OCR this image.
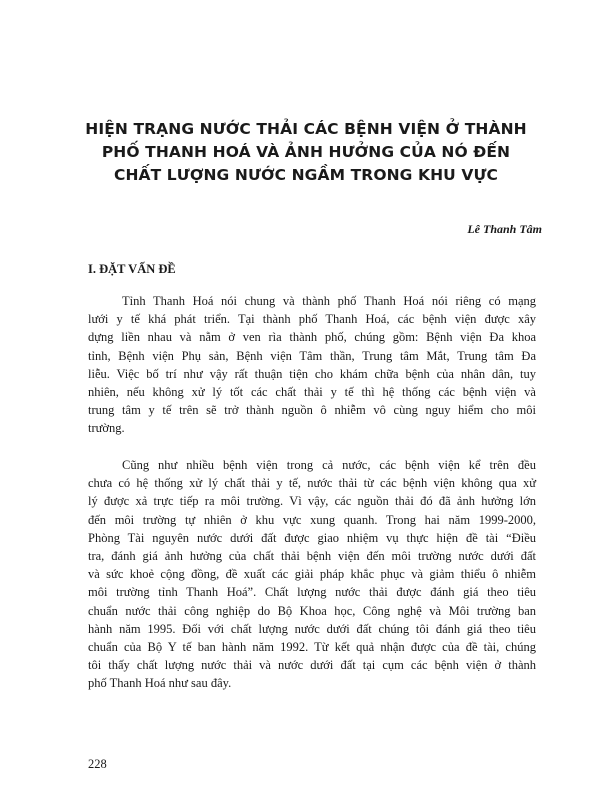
HIỆN TRẠNG NƯỚC THẢI CÁC BỆNH VIỆN Ở THÀNH
PHỐ THANH HOÁ VÀ ẢNH HƯỞNG CỦA NÓ ĐẾN
CHẤT LƯỢNG NƯỚC NGẦM TRONG KHU VỰC
Lê Thanh Tâm
I. ĐẶT VẤN ĐỀ
Tỉnh Thanh Hoá nói chung và thành phố Thanh Hoá nói riêng có mạng
lưới y tế khá phát triển. Tại thành phố Thanh Hoá, các bệnh viện được xây
dựng liền nhau và nằm ở ven rìa thành phố, chúng gồm: Bệnh viện Đa khoa
tỉnh, Bệnh viện Phụ sản, Bệnh viện Tâm thần, Trung tâm Mắt, Trung tâm Đa
liễu. Việc bố trí như vậy rất thuận tiện cho khám chữa bệnh của nhân dân, tuy
nhiên, nếu không xử lý tốt các chất thải y tế thì hệ thống các bệnh viện và
trung tâm y tế trên sẽ trở thành nguồn ô nhiễm vô cùng nguy hiểm cho môi
trường.
Cũng như nhiều bệnh viện trong cả nước, các bệnh viện kể trên đều
chưa có hệ thống xử lý chất thải y tế, nước thải từ các bệnh viện không qua xử
lý được xả trực tiếp ra môi trường. Vì vậy, các nguồn thải đó đã ảnh hưởng lớn
đến môi trường tự nhiên ở khu vực xung quanh. Trong hai năm 1999-2000,
Phòng Tài nguyên nước dưới đất được giao nhiệm vụ thực hiện đề tài “Điều
tra, đánh giá ảnh hưởng của chất thải bệnh viện đến môi trường nước dưới đất
và sức khoẻ cộng đồng, đề xuất các giải pháp khắc phục và giảm thiểu ô nhiễm
môi trường tỉnh Thanh Hoá”. Chất lượng nước thải được đánh giá theo tiêu
chuẩn nước thải công nghiệp do Bộ Khoa học, Công nghệ và Môi trường ban
hành năm 1995. Đối với chất lượng nước dưới đất chúng tôi đánh giá theo tiêu
chuẩn của Bộ Y tế ban hành năm 1992. Từ kết quả nhận được của đề tài, chúng
tôi thấy chất lượng nước thải và nước dưới đất tại cụm các bệnh viện ở thành
phố Thanh Hoá như sau đây.
228
